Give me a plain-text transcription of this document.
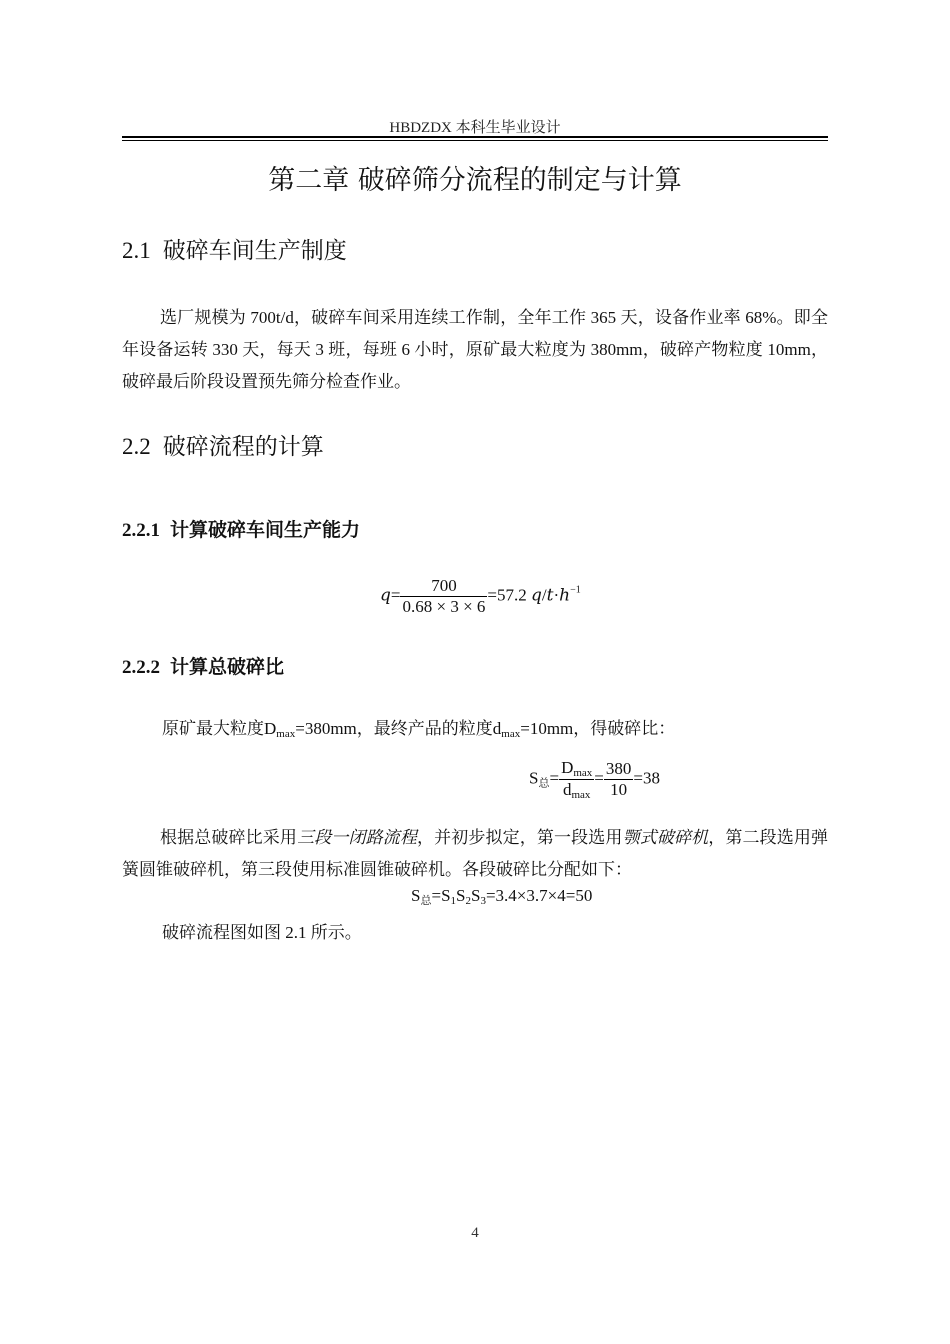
HBDZDX 本科生毕业设计
第二章 破碎筛分流程的制定与计算
2.1 破碎车间生产制度
选厂规模为 700t/d，破碎车间采用连续工作制，全年工作 365 天，设备作业率 68%。即全年设备运转 330 天，每天 3 班，每班 6 小时，原矿最大粒度为 380mm，破碎产物粒度 10mm，破碎最后阶段设置预先筛分检查作业。
2.2 破碎流程的计算
2.2.1 计算破碎车间生产能力
$q= \frac{700}{0.68 \times 3 \times 6} =57.2$ $q/t\cdot h^{-1}$
2.2.2 计算总破碎比
原矿最大粒度$D_{max}=380mm$，最终产品的粒度$d_{max}=10mm$，得破碎比：
$S_总= \frac{D_{max}}{d_{max}} = \frac{380}{10} =38$
根据总破碎比采用三段一闭路流程，并初步拟定，第一段选用颚式破碎机，第二段选用弹簧圆锥破碎机，第三段使用标准圆锥破碎机。各段破碎比分配如下：
$S_总=S_1S_2S_3=3.4\times 3.7\times 4=50$
破碎流程图如图 2.1 所示。
4
